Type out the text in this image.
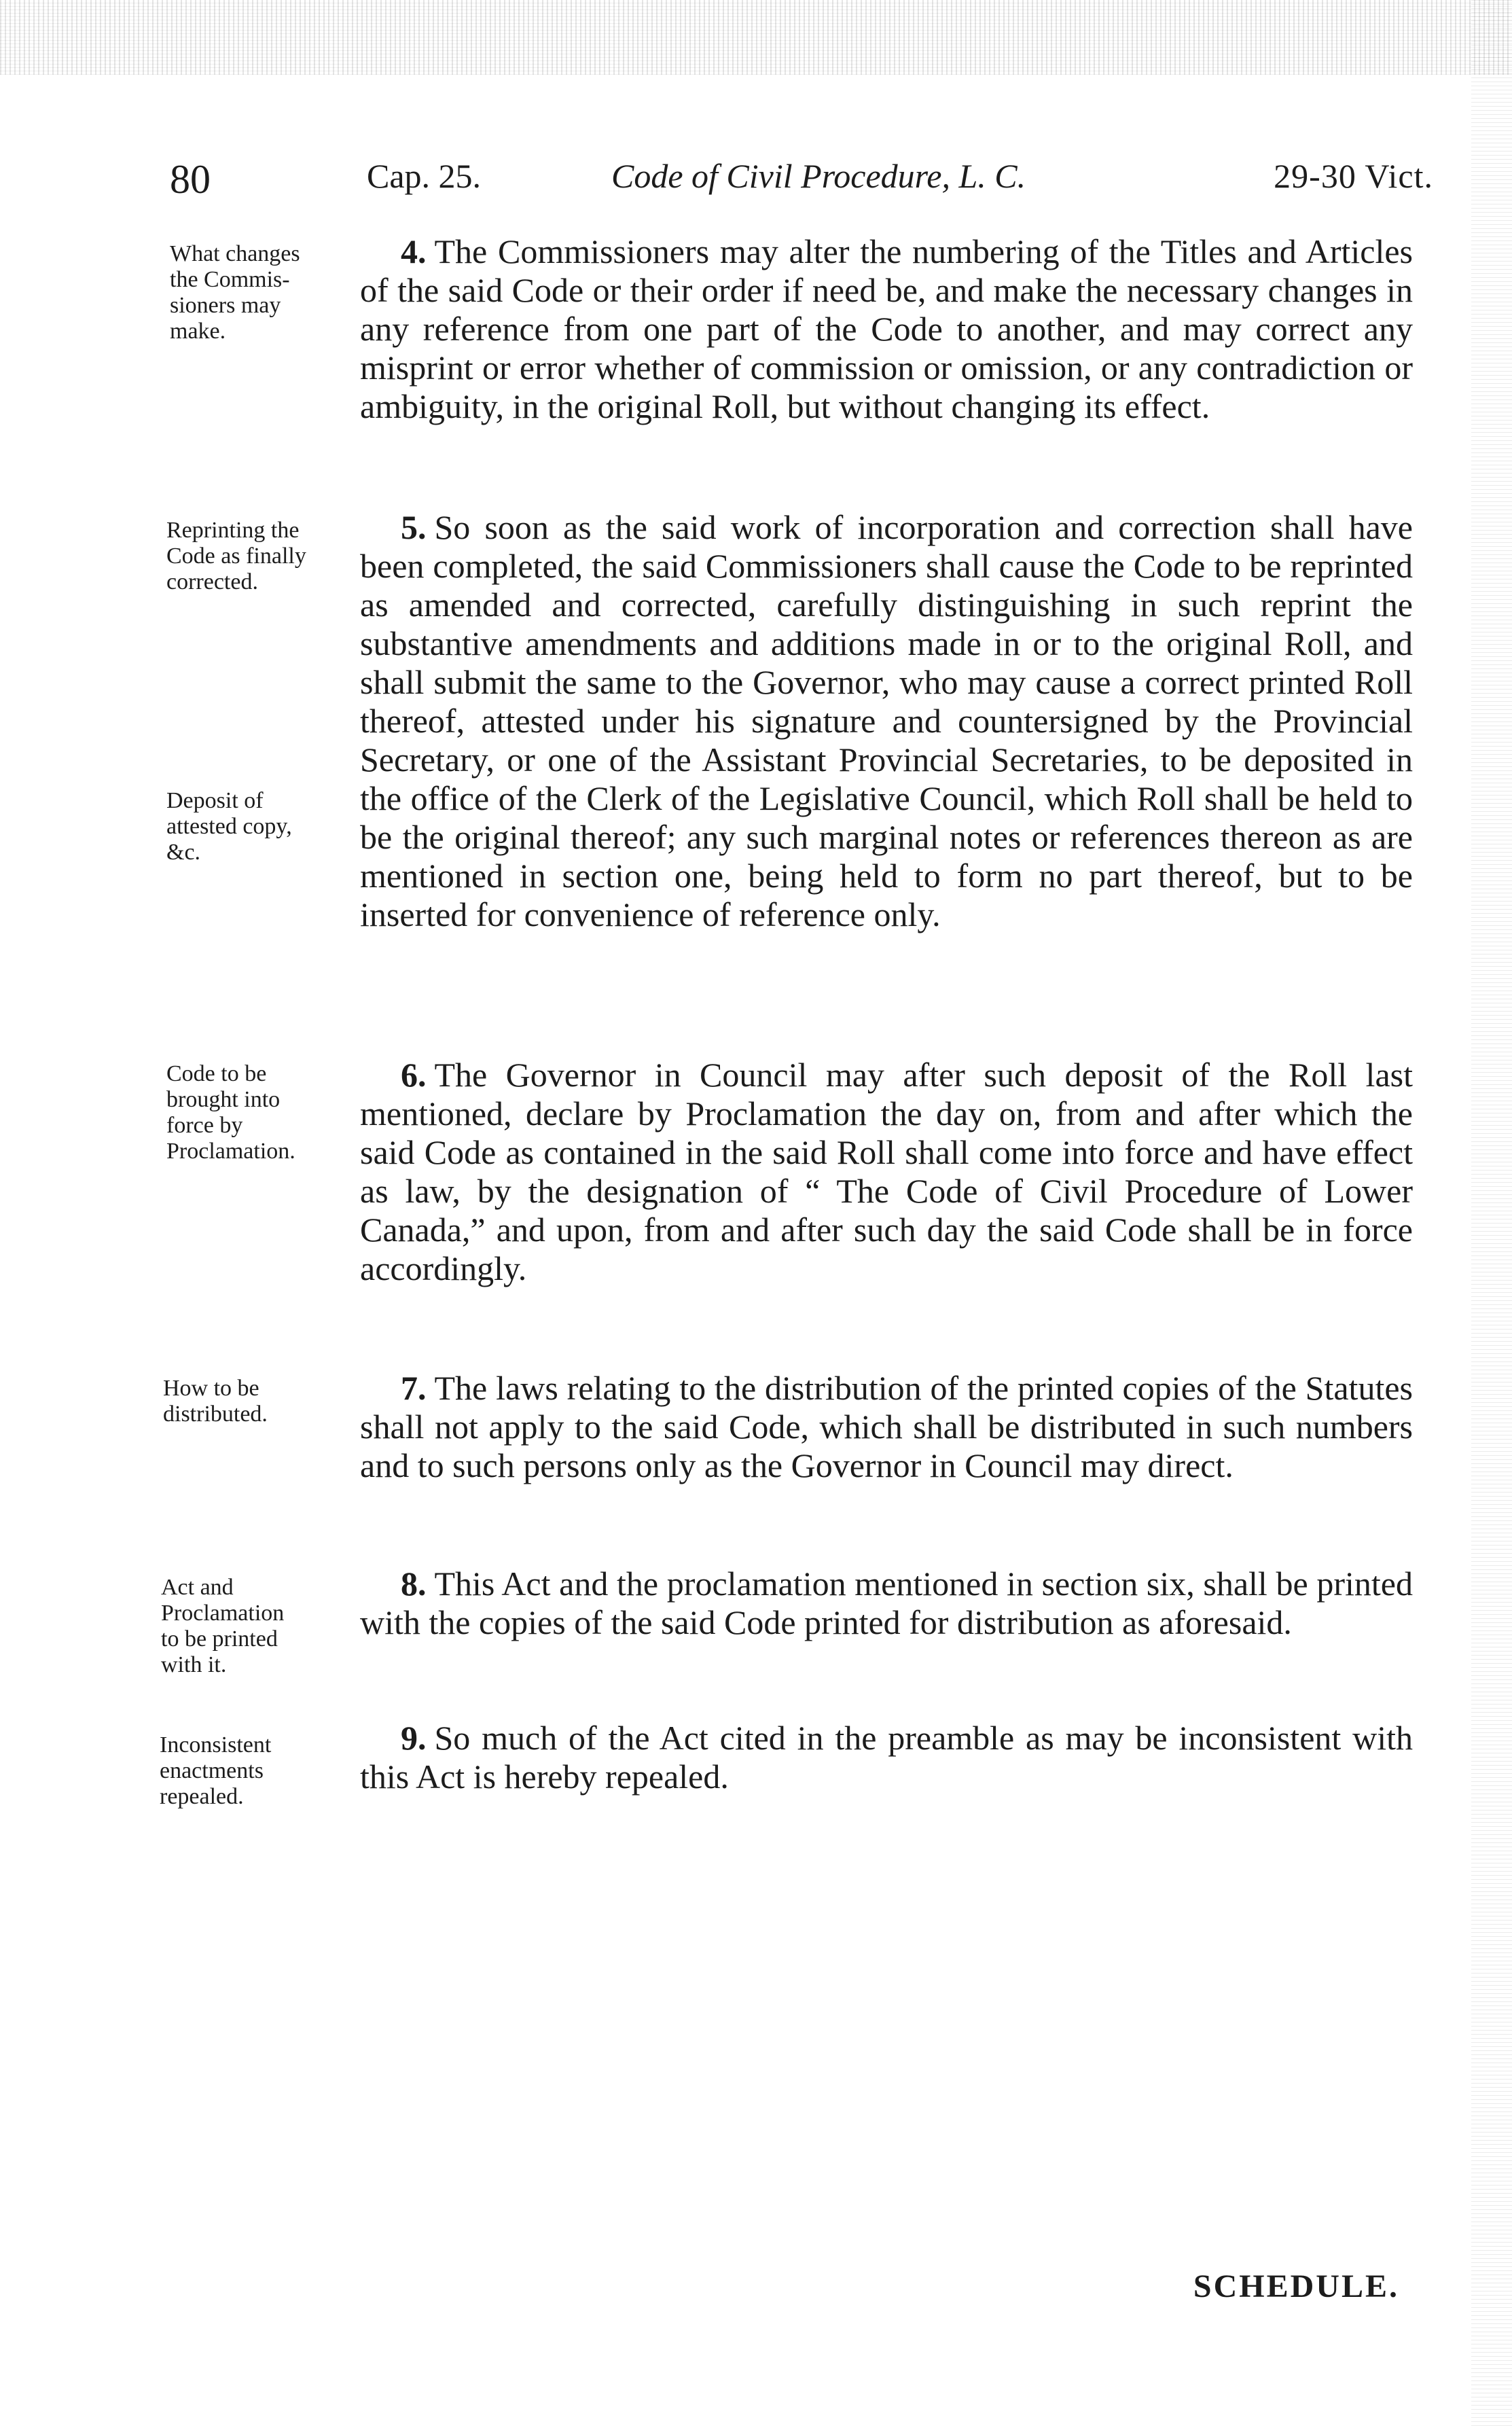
80	Cap. 25.	Code of Civil Procedure, L. C.	29-30 Vict.
What changes
the Commis-
sioners may
make.

4. The Commissioners may alter the numbering of the Titles and Articles of the said Code or their order if need be, and make the necessary changes in any reference from one part of the Code to another, and may correct any misprint or error whether of commission or omission, or any contradiction or ambiguity, in the original Roll, but without changing its effect.

Reprinting the
Code as finally
corrected.
Deposit of
attested copy,
&c.

5. So soon as the said work of incorporation and correction shall have been completed, the said Commissioners shall cause the Code to be reprinted as amended and corrected, carefully distinguishing in such reprint the substantive amendments and additions made in or to the original Roll, and shall submit the same to the Governor, who may cause a correct printed Roll thereof, attested under his signature and countersigned by the Provincial Secretary, or one of the Assistant Provincial Secretaries, to be deposited in the office of the Clerk of the Legislative Council, which Roll shall be held to be the original thereof; any such marginal notes or references thereon as are mentioned in section one, being held to form no part thereof, but to be inserted for convenience of reference only.

Code to be
brought into
force by
Proclamation.

6. The Governor in Council may after such deposit of the Roll last mentioned, declare by Proclamation the day on, from and after which the said Code as contained in the said Roll shall come into force and have effect as law, by the designation of “ The Code of Civil Procedure of Lower Canada,” and upon, from and after such day the said Code shall be in force accordingly.

How to be
distributed.

7. The laws relating to the distribution of the printed copies of the Statutes shall not apply to the said Code, which shall be distributed in such numbers and to such persons only as the Governor in Council may direct.

Act and
Proclamation
to be printed
with it.

8. This Act and the proclamation mentioned in section six, shall be printed with the copies of the said Code printed for distribution as aforesaid.

Inconsistent
enactments
repealed.

9. So much of the Act cited in the preamble as may be inconsistent with this Act is hereby repealed.

SCHEDULE.
